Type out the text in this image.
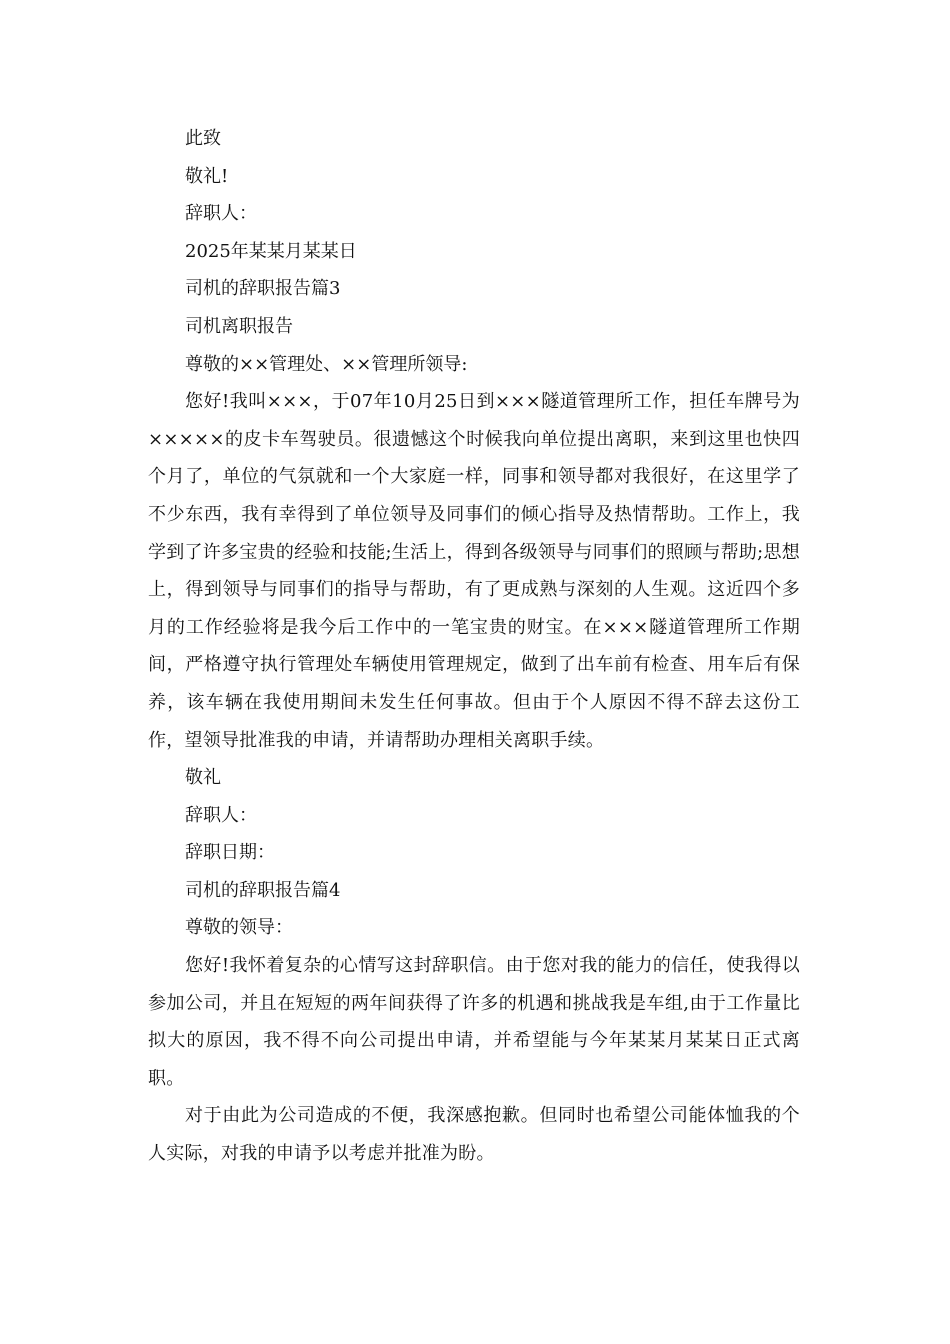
此致

敬礼!

辞职人：

2025年某某月某某日

司机的辞职报告篇3

司机离职报告

尊敬的××管理处、××管理所领导:

您好!我叫×××，于07年10月25日到×××隧道管理所工作，担任车牌号为×××××的皮卡车驾驶员。很遗憾这个时候我向单位提出离职，来到这里也快四个月了，单位的气氛就和一个大家庭一样，同事和领导都对我很好，在这里学了不少东西，我有幸得到了单位领导及同事们的倾心指导及热情帮助。工作上，我学到了许多宝贵的经验和技能;生活上，得到各级领导与同事们的照顾与帮助;思想上，得到领导与同事们的指导与帮助，有了更成熟与深刻的人生观。这近四个多月的工作经验将是我今后工作中的一笔宝贵的财宝。在×××隧道管理所工作期间，严格遵守执行管理处车辆使用管理规定，做到了出车前有检查、用车后有保养，该车辆在我使用期间未发生任何事故。但由于个人原因不得不辞去这份工作，望领导批准我的申请，并请帮助办理相关离职手续。

敬礼

辞职人：

辞职日期：

司机的辞职报告篇4

尊敬的领导：

您好!我怀着复杂的心情写这封辞职信。由于您对我的能力的信任，使我得以参加公司，并且在短短的两年间获得了许多的机遇和挑战我是车组,由于工作量比拟大的原因，我不得不向公司提出申请，并希望能与今年某某月某某日正式离职。

对于由此为公司造成的不便，我深感抱歉。但同时也希望公司能体恤我的个人实际，对我的申请予以考虑并批准为盼。
